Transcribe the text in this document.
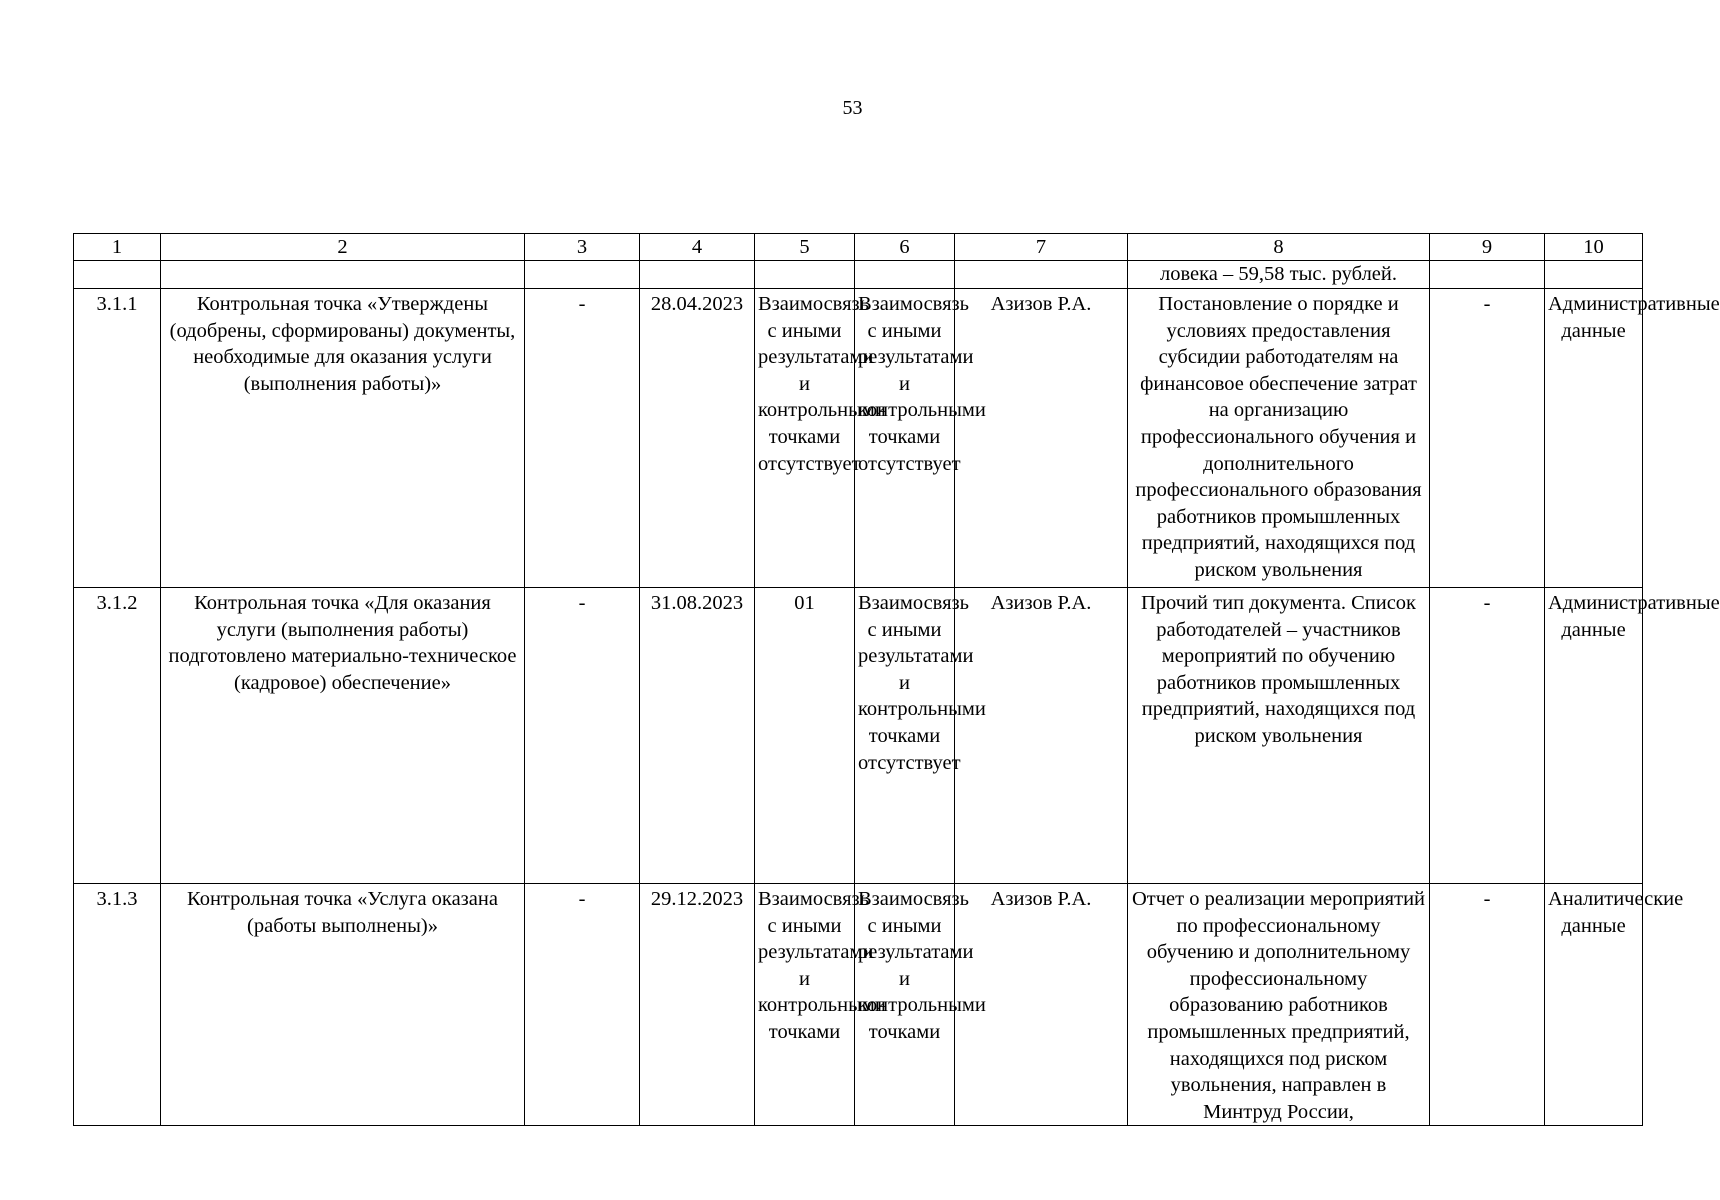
53
1	2	3	4	5	6	7	8	9	10
							ловека – 59,58 тыс. рублей.		
3.1.1	Контрольная точка «Утверждены (одобрены, сформированы) документы, необходимые для оказания услуги (выполнения работы)»	-	28.04.2023	Взаимосвязь с иными результатами и контрольными точками отсутствует	Взаимосвязь с иными результатами и контрольными точками отсутствует	Азизов Р.А.	Постановление о порядке и условиях предоставления субсидии работодателям на финансовое обеспечение затрат на организацию профессионального обучения и дополнительного профессионального образования работников промышленных предприятий, находящихся под риском увольнения	-	Административные данные
3.1.2	Контрольная точка «Для оказания услуги (выполнения работы) подготовлено материально-техническое (кадровое) обеспечение»	-	31.08.2023	01	Взаимосвязь с иными результатами и контрольными точками отсутствует	Азизов Р.А.	Прочий тип документа. Список работодателей – участников мероприятий по обучению работников промышленных предприятий, находящихся под риском увольнения	-	Административные данные
3.1.3	Контрольная точка «Услуга оказана (работы выполнены)»	-	29.12.2023	Взаимосвязь с иными результатами и контрольными точками	Взаимосвязь с иными результатами и контрольными точками	Азизов Р.А.	Отчет о реализации мероприятий по профессиональному обучению и дополнительному профессиональному образованию работников промышленных предприятий, находящихся под риском увольнения, направлен в Минтруд России,	-	Аналитические данные
